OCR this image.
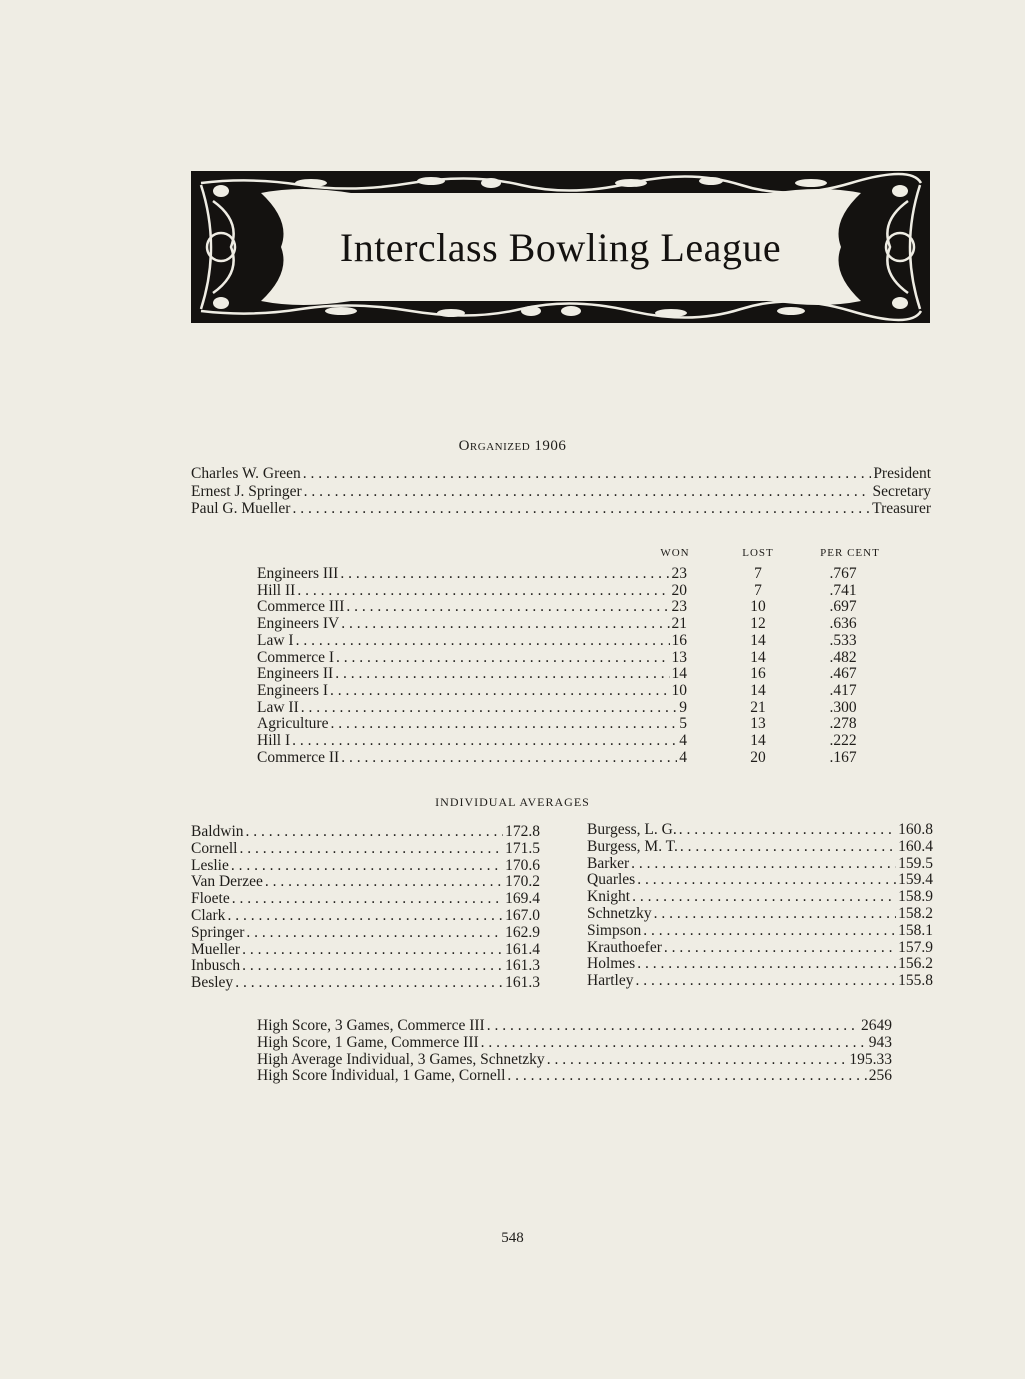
Interclass Bowling League
Organized 1906
Charles W. Green . . .	President
Ernest J. Springer . . .	Secretary
Paul G. Mueller . . .	Treasurer
WON	LOST	PER CENT
Engineers III . . .	23	7	.767
Hill II . . .	20	7	.741
Commerce III . . .	23	10	.697
Engineers IV . . .	21	12	.636
Law I . . .	16	14	.533
Commerce I . . .	13	14	.482
Engineers II . . .	14	16	.467
Engineers I . . .	10	14	.417
Law II . . .	9	21	.300
Agriculture . . .	5	13	.278
Hill I . . .	4	14	.222
Commerce II . . .	4	20	.167
INDIVIDUAL AVERAGES
Baldwin . . .	172.8
Cornell . . .	171.5
Leslie . . .	170.6
Van Derzee . . .	170.2
Floete . . .	169.4
Clark . . .	167.0
Springer . . .	162.9
Mueller . . .	161.4
Inbusch . . .	161.3
Besley . . .	161.3
Burgess, L. G. . . .	160.8
Burgess, M. T. . . .	160.4
Barker . . .	159.5
Quarles . . .	159.4
Knight . . .	158.9
Schnetzky . . .	158.2
Simpson . . .	158.1
Krauthoefer . . .	157.9
Holmes . . .	156.2
Hartley . . .	155.8
High Score, 3 Games, Commerce III . . .	2649
High Score, 1 Game, Commerce III . . .	943
High Average Individual, 3 Games, Schnetzky . . .	195.33
High Score Individual, 1 Game, Cornell . . .	256
548
